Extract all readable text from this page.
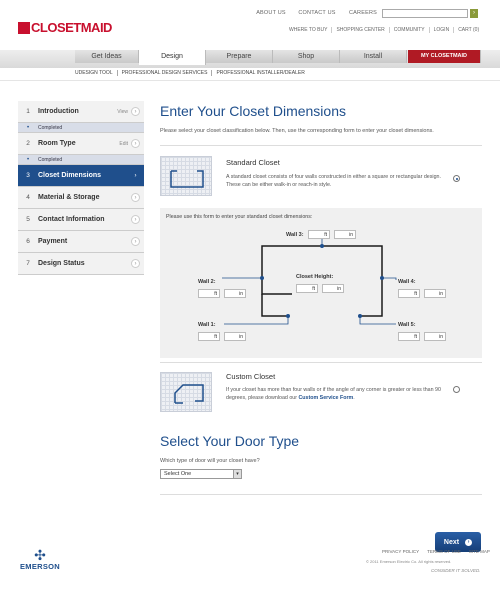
CLOSETMAID
ABOUT US	CONTACT US	CAREERS	›
WHERE TO BUY	SHOPPING CENTER	COMMUNITY	LOGIN	CART (0)
Get Ideas	Design	Prepare	Shop	Install	MY CLOSETMAID
UDESIGN TOOL	PROFESSIONAL DESIGN SERVICES	PROFESSIONAL INSTALLER/DEALER
1	Introduction	View	›
•	Completed
2	Room Type	Edit	›
•	Completed
3	Closet Dimensions	›
4	Material & Storage	›
5	Contact Information	›
6	Payment	›
7	Design Status	›
Enter Your Closet Dimensions
Please select your closet classification below. Then, use the corresponding form to enter your closet dimensions.
Standard Closet
A standard closet consists of four walls constructed in either a square or rectangular design. These can be either walk-in or reach-in style.
Please use this form to enter your standard closet dimensions:
Wall 3:	ft	in
Wall 2:
ft	in
Closet Height:
ft	in
Wall 4:
ft	in
Wall 1:
ft	in
Wall 5:
ft	in
Custom Closet
If your closet has more than four walls or if the angle of any corner is greater or less than 90 degrees, please download our Custom Service Form.
Select Your Door Type
Which type of door will your closet have?
Select One	▾
Next	›
✣
EMERSON
PRIVACY POLICY TERMS OF USE SITE MAP
© 2011 Emerson Electric Co. All rights reserved.
CONSIDER IT SOLVED.
